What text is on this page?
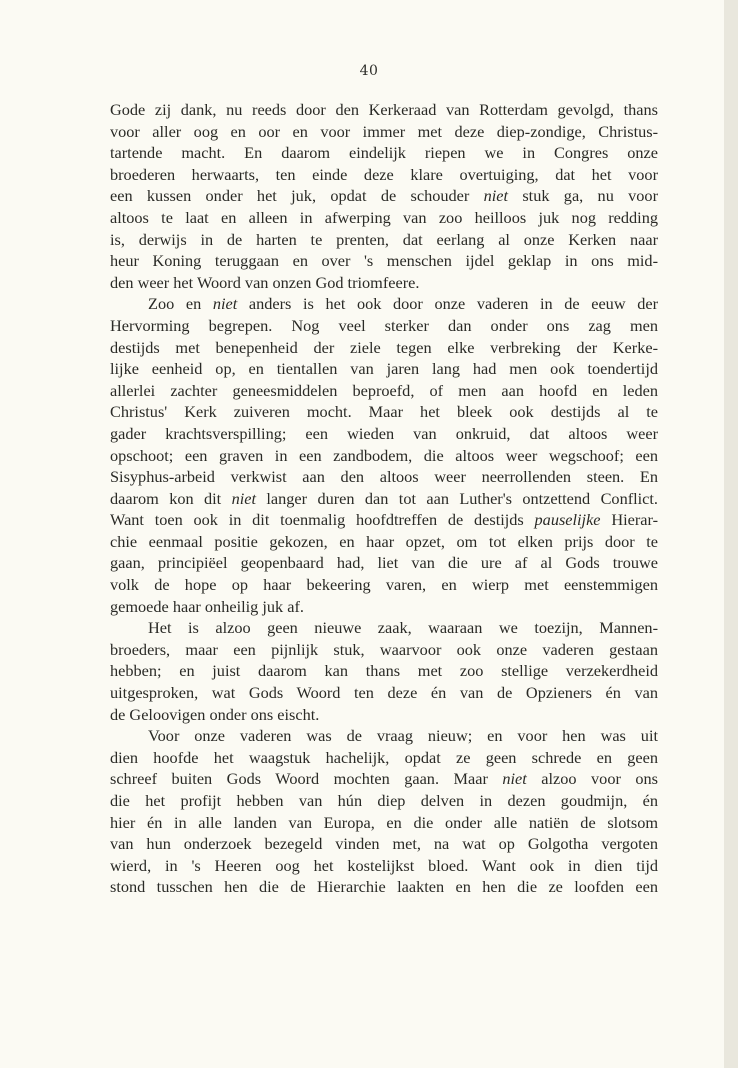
40

Gode zij dank, nu reeds door den Kerkeraad van Rotterdam gevolgd, thans
voor aller oog en oor en voor immer met deze diep-zondige, Christus-
tartende macht. En daarom eindelijk riepen we in Congres onze
broederen herwaarts, ten einde deze klare overtuiging, dat het voor
een kussen onder het juk, opdat de schouder niet stuk ga, nu voor
altoos te laat en alleen in afwerping van zoo heilloos juk nog redding
is, derwijs in de harten te prenten, dat eerlang al onze Kerken naar
heur Koning teruggaan en over 's menschen ijdel geklap in ons mid-
den weer het Woord van onzen God triomfeere.

Zoo en niet anders is het ook door onze vaderen in de eeuw der
Hervorming begrepen. Nog veel sterker dan onder ons zag men
destijds met benepenheid der ziele tegen elke verbreking der Kerke-
lijke eenheid op, en tientallen van jaren lang had men ook toendertijd
allerlei zachter geneesmiddelen beproefd, of men aan hoofd en leden
Christus' Kerk zuiveren mocht. Maar het bleek ook destijds al te
gader krachtsverspilling; een wieden van onkruid, dat altoos weer
opschoot; een graven in een zandbodem, die altoos weer wegschoof; een
Sisyphus-arbeid verkwist aan den altoos weer neerrollenden steen. En
daarom kon dit niet langer duren dan tot aan Luther's ontzettend Conflict.
Want toen ook in dit toenmalig hoofdtreffen de destijds pauselijke Hierar-
chie eenmaal positie gekozen, en haar opzet, om tot elken prijs door te
gaan, principiëel geopenbaard had, liet van die ure af al Gods trouwe
volk de hope op haar bekeering varen, en wierp met eenstemmigen
gemoede haar onheilig juk af.

Het is alzoo geen nieuwe zaak, waaraan we toezijn, Mannen-
broeders, maar een pijnlijk stuk, waarvoor ook onze vaderen gestaan
hebben; en juist daarom kan thans met zoo stellige verzekerdheid
uitgesproken, wat Gods Woord ten deze én van de Opzieners én van
de Geloovigen onder ons eischt.

Voor onze vaderen was de vraag nieuw; en voor hen was uit
dien hoofde het waagstuk hachelijk, opdat ze geen schrede en geen
schreef buiten Gods Woord mochten gaan. Maar niet alzoo voor ons
die het profijt hebben van hún diep delven in dezen goudmijn, én
hier én in alle landen van Europa, en die onder alle natiën de slotsom
van hun onderzoek bezegeld vinden met, na wat op Golgotha vergoten
wierd, in 's Heeren oog het kostelijkst bloed. Want ook in dien tijd
stond tusschen hen die de Hierarchie laakten en hen die ze loofden een
